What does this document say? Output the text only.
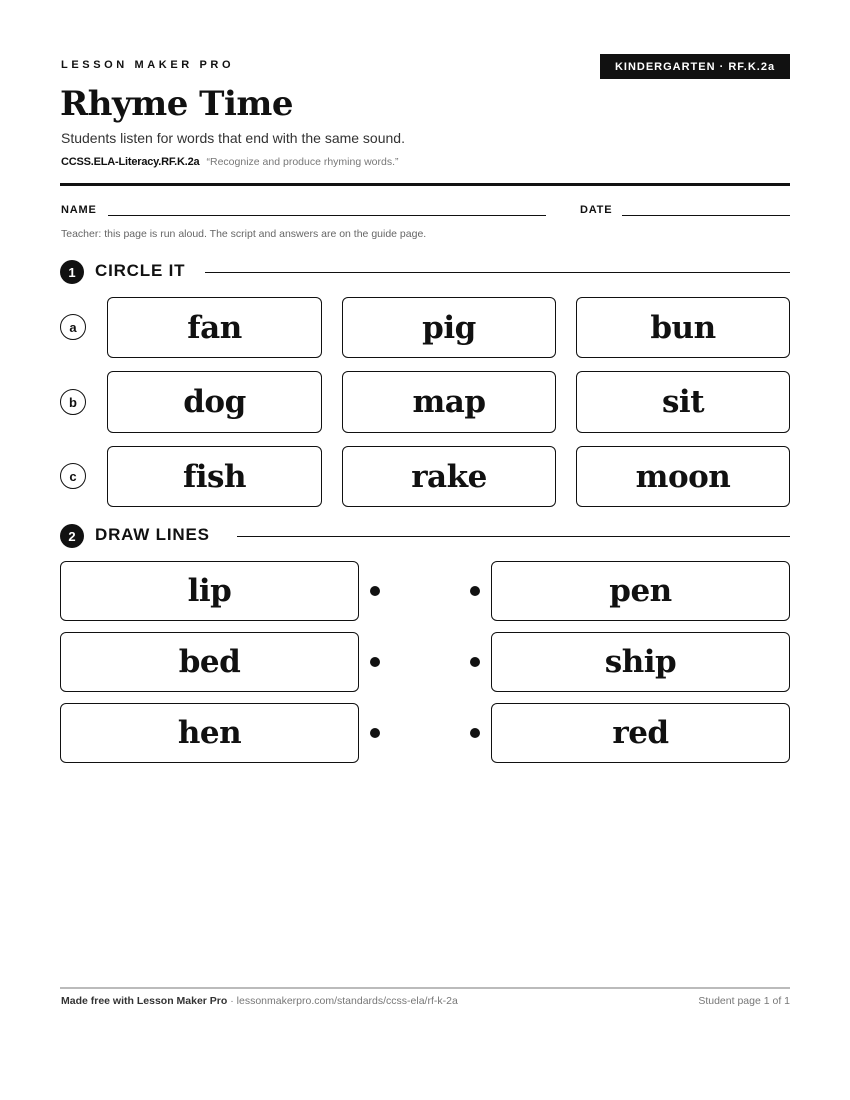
LESSON MAKER PRO	KINDERGARTEN · RF.K.2a
Rhyme Time
Students listen for words that end with the same sound.
CCSS.ELA-Literacy.RF.K.2a “Recognize and produce rhyming words.”
NAME	DATE
Teacher: this page is run aloud. The script and answers are on the guide page.
1	CIRCLE IT
a	fan	pig	bun
b	dog	map	sit
c	fish	rake	moon
2	DRAW LINES
lip	pen
bed	ship
hen	red
Made free with Lesson Maker Pro · lessonmakerpro.com/standards/ccss-ela/rf-k-2a	Student page 1 of 1
